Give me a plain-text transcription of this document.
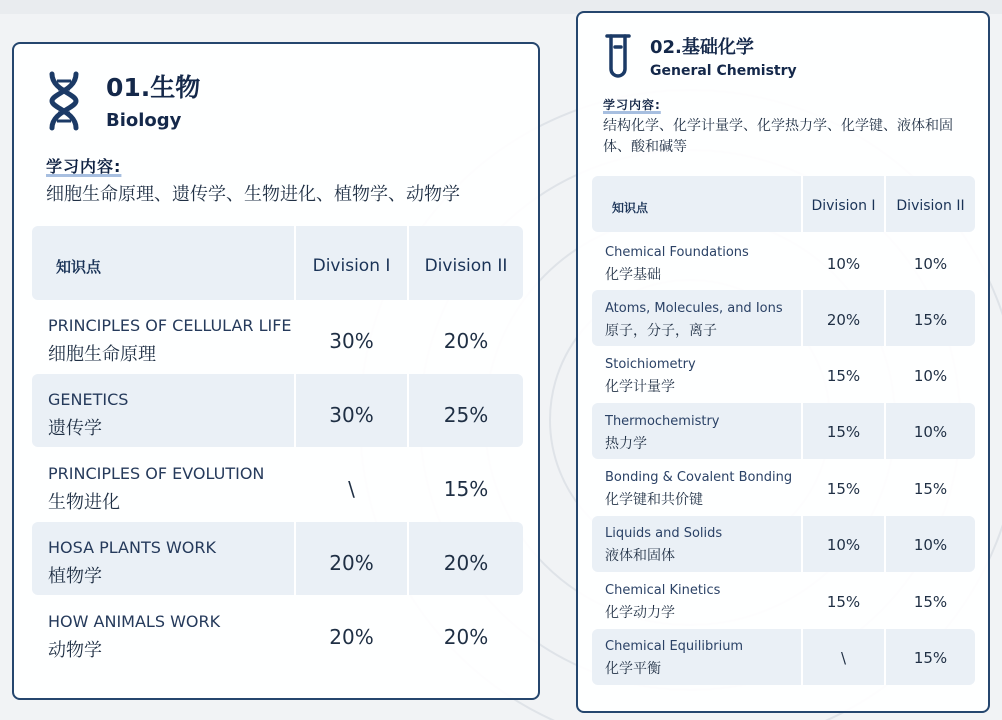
01.生物
Biology
学习内容:
细胞生命原理、遗传学、生物进化、植物学、动物学
知识点	Division I	Division II
PRINCIPLES OF CELLULAR LIFE
细胞生命原理
30%	20%
GENETICS
遗传学
30%	25%
PRINCIPLES OF EVOLUTION
生物进化
\	15%
HOSA PLANTS WORK
植物学
20%	20%
HOW ANIMALS WORK
动物学
20%	20%
02.基础化学
General Chemistry
学习内容:
结构化学、化学计量学、化学热力学、化学键、液体和固体、酸和碱等
知识点	Division I	Division II
Chemical Foundations
化学基础
10%	10%
Atoms, Molecules, and Ions
原子，分子，离子
20%	15%
Stoichiometry
化学计量学
15%	10%
Thermochemistry
热力学
15%	10%
Bonding & Covalent Bonding
化学键和共价键
15%	15%
Liquids and Solids
液体和固体
10%	10%
Chemical Kinetics
化学动力学
15%	15%
Chemical Equilibrium
化学平衡
\	15%
